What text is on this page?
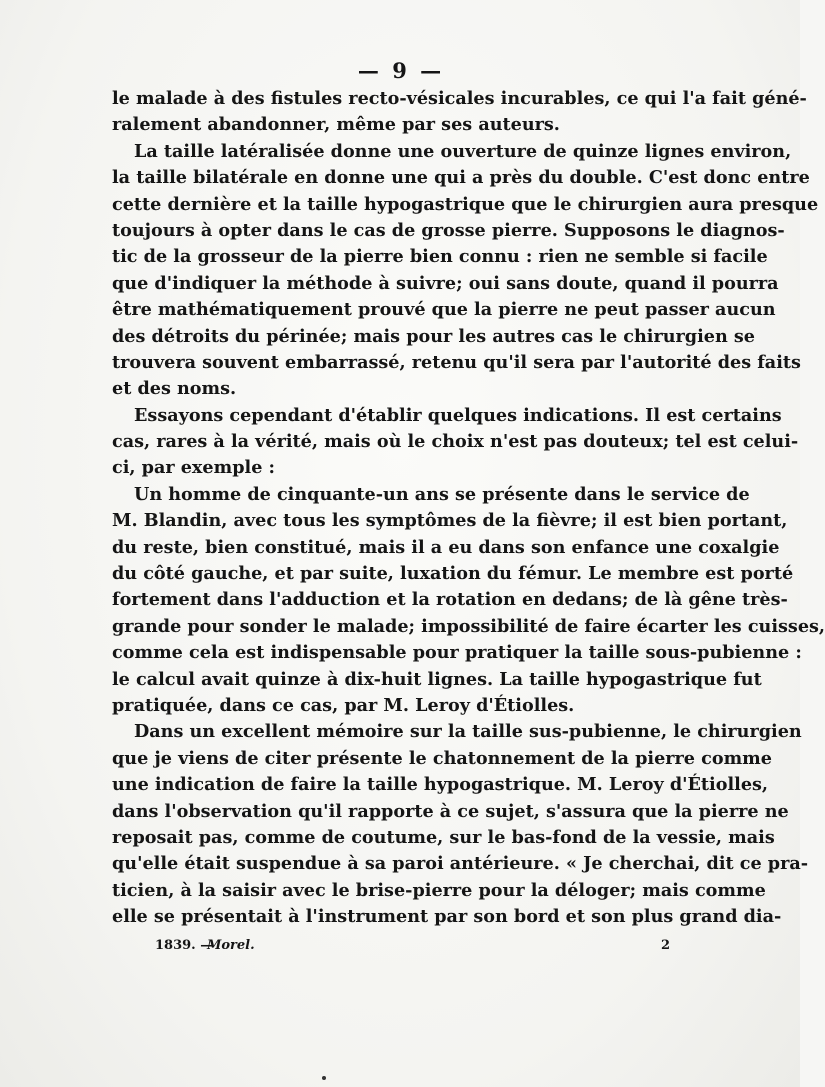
— 9 —
le malade à des fistules recto-vésicales incurables, ce qui l'a fait géné-
ralement abandonner, même par ses auteurs.
La taille latéralisée donne une ouverture de quinze lignes environ,
la taille bilatérale en donne une qui a près du double. C'est donc entre
cette dernière et la taille hypogastrique que le chirurgien aura presque
toujours à opter dans le cas de grosse pierre. Supposons le diagnos-
tic de la grosseur de la pierre bien connu : rien ne semble si facile
que d'indiquer la méthode à suivre; oui sans doute, quand il pourra
être mathématiquement prouvé que la pierre ne peut passer aucun
des détroits du périnée; mais pour les autres cas le chirurgien se
trouvera souvent embarrassé, retenu qu'il sera par l'autorité des faits
et des noms.
Essayons cependant d'établir quelques indications. Il est certains
cas, rares à la vérité, mais où le choix n'est pas douteux; tel est celui-
ci, par exemple :
Un homme de cinquante-un ans se présente dans le service de
M. Blandin, avec tous les symptômes de la fièvre; il est bien portant,
du reste, bien constitué, mais il a eu dans son enfance une coxalgie
du côté gauche, et par suite, luxation du fémur. Le membre est porté
fortement dans l'adduction et la rotation en dedans; de là gêne très-
grande pour sonder le malade; impossibilité de faire écarter les cuisses,
comme cela est indispensable pour pratiquer la taille sous-pubienne :
le calcul avait quinze à dix-huit lignes. La taille hypogastrique fut
pratiquée, dans ce cas, par M. Leroy d'Étiolles.
Dans un excellent mémoire sur la taille sus-pubienne, le chirurgien
que je viens de citer présente le chatonnement de la pierre comme
une indication de faire la taille hypogastrique. M. Leroy d'Étiolles,
dans l'observation qu'il rapporte à ce sujet, s'assura que la pierre ne
reposait pas, comme de coutume, sur le bas-fond de la vessie, mais
qu'elle était suspendue à sa paroi antérieure. « Je cherchai, dit ce pra-
ticien, à la saisir avec le brise-pierre pour la déloger; mais comme
elle se présentait à l'instrument par son bord et son plus grand dia-
1839. —
Morel.	2
